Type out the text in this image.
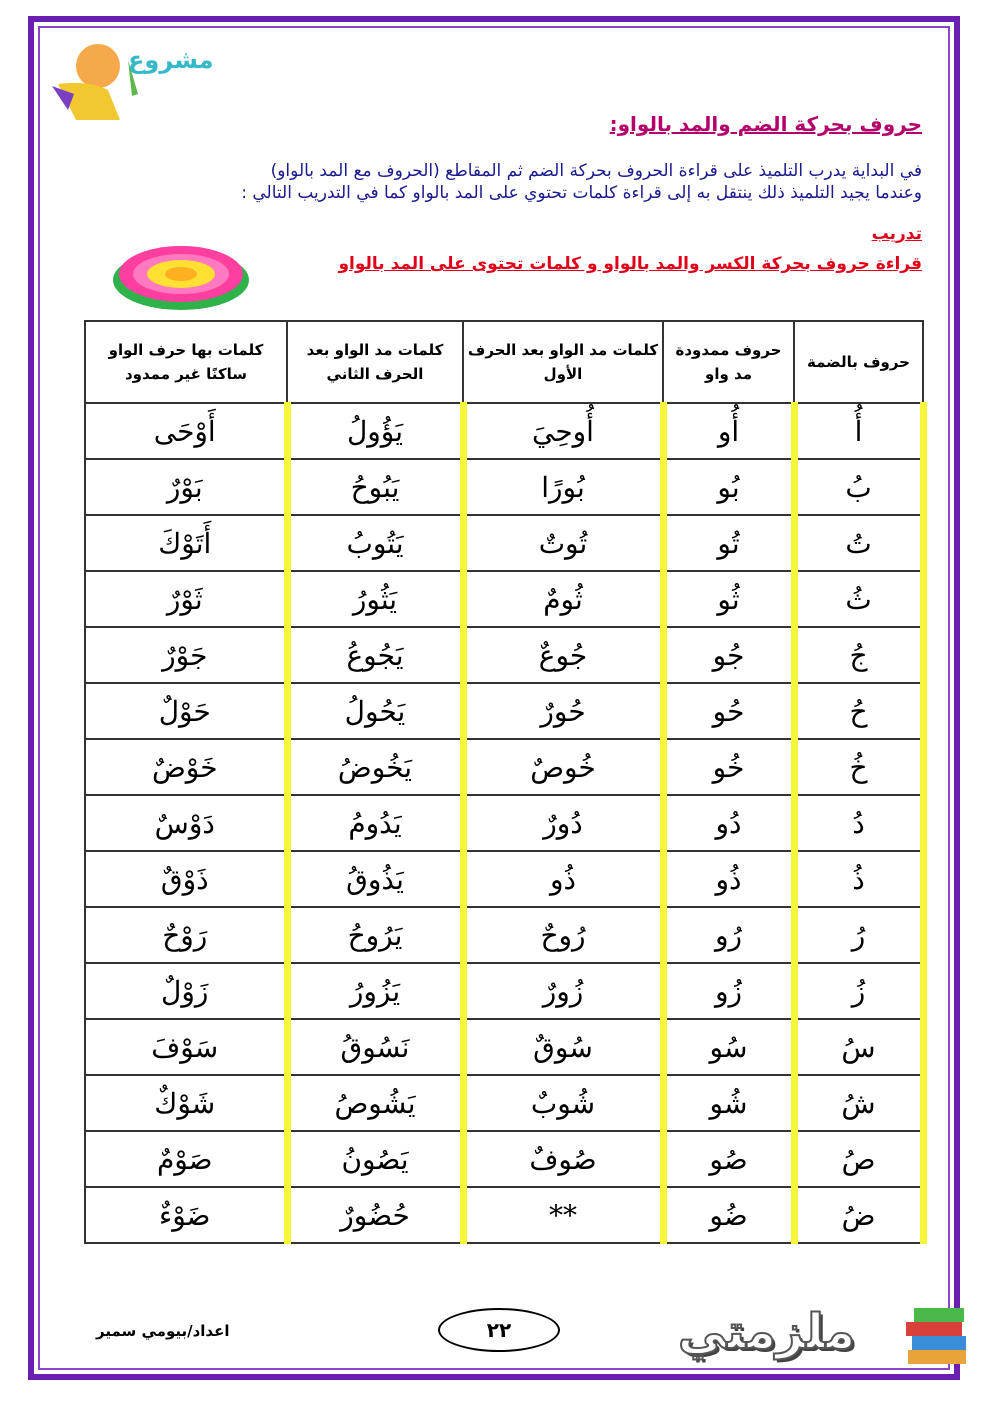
مشروع
حروف بحركة الضم والمد بالواو:
في البداية يدرب التلميذ على قراءة الحروف بحركة الضم ثم المقاطع (الحروف مع المد بالواو)
وعندما يجيد التلميذ ذلك ينتقل به إلى قراءة كلمات تحتوي على المد بالواو كما في التدريب التالي :
تدريب
قراءة حروف بحركة الكسر والمد بالواو و كلمات تحتوى على المد بالواو
حروف بالضمة	حروف ممدودة مد واو	كلمات مد الواو بعد الحرف الأول	كلمات مد الواو بعد الحرف الثاني	كلمات بها حرف الواو ساكنًا غير ممدود
أُ	أُو	أُوحِيَ	يَؤُولُ	أَوْحَى
بُ	بُو	بُورًا	يَبُوحُ	بَوْرٌ
تُ	تُو	تُوتٌ	يَتُوبُ	أَتَوْكَ
ثُ	ثُو	ثُومٌ	يَثُورُ	ثَوْرٌ
جُ	جُو	جُوعٌ	يَجُوعُ	جَوْرٌ
حُ	حُو	حُورٌ	يَحُولُ	حَوْلٌ
خُ	خُو	خُوصٌ	يَخُوضُ	خَوْضٌ
دُ	دُو	دُورٌ	يَدُومُ	دَوْسٌ
ذُ	ذُو	ذُو	يَذُوقُ	ذَوْقٌ
رُ	رُو	رُوحٌ	يَرُوحُ	رَوْحٌ
زُ	زُو	زُورٌ	يَزُورُ	زَوْلٌ
سُ	سُو	سُوقٌ	نَسُوقُ	سَوْفَ
شُ	شُو	شُوبٌ	يَشُوصُ	شَوْكٌ
صُ	صُو	صُوفٌ	يَصُونُ	صَوْمٌ
ضُ	ضُو	**	حُضُورٌ	ضَوْءٌ
اعداد/بيومي سمير	٢٢	ملزمتي
